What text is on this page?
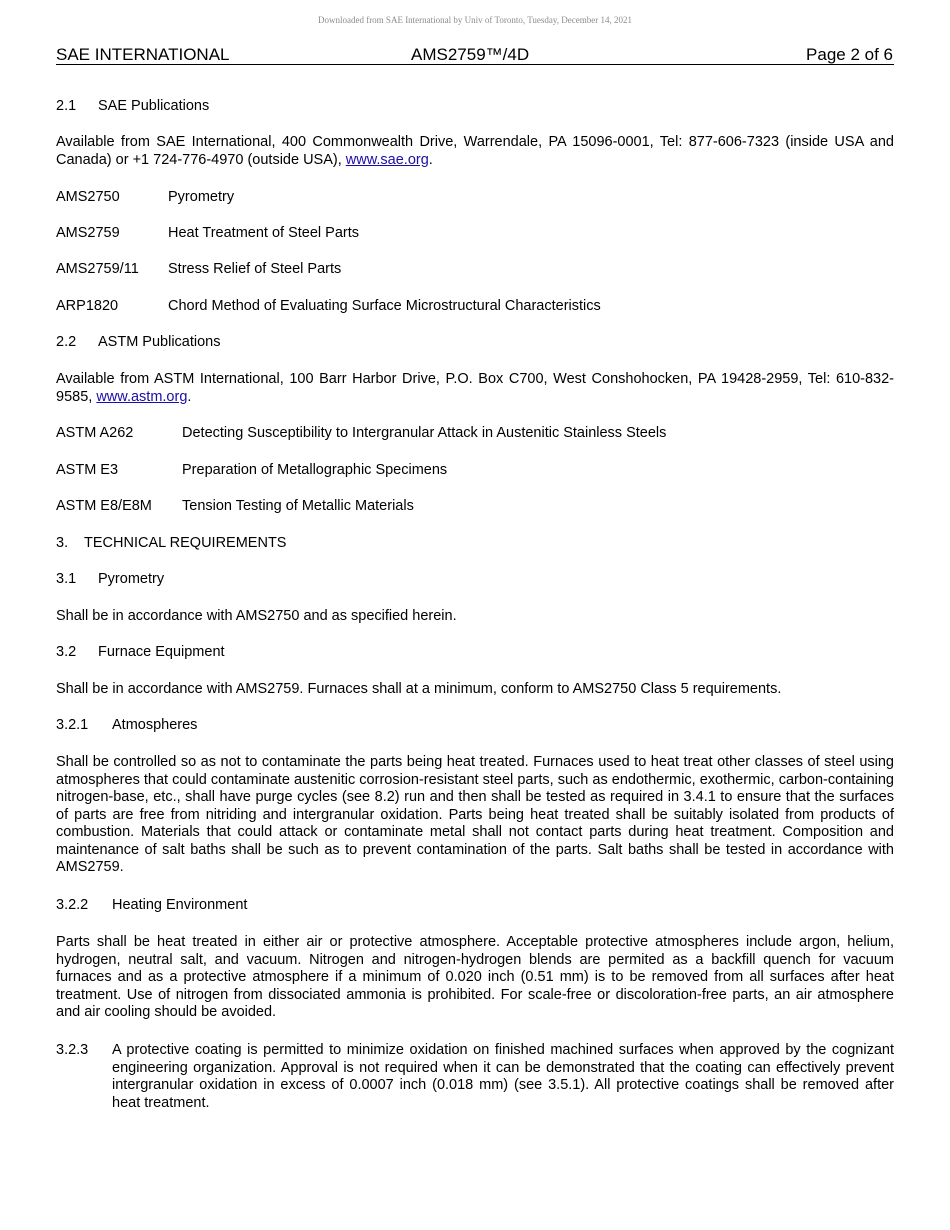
Downloaded from SAE International by Univ of Toronto, Tuesday, December 14, 2021
SAE INTERNATIONAL	AMS2759™/4D	Page 2 of 6
2.1 SAE Publications
Available from SAE International, 400 Commonwealth Drive, Warrendale, PA 15096-0001, Tel: 877-606-7323 (inside USA and Canada) or +1 724-776-4970 (outside USA), www.sae.org.
AMS2750	Pyrometry
AMS2759	Heat Treatment of Steel Parts
AMS2759/11 Stress Relief of Steel Parts
ARP1820	Chord Method of Evaluating Surface Microstructural Characteristics
2.2 ASTM Publications
Available from ASTM International, 100 Barr Harbor Drive, P.O. Box C700, West Conshohocken, PA 19428-2959, Tel: 610-832-9585, www.astm.org.
ASTM A262	Detecting Susceptibility to Intergranular Attack in Austenitic Stainless Steels
ASTM E3	Preparation of Metallographic Specimens
ASTM E8/E8M Tension Testing of Metallic Materials
3. TECHNICAL REQUIREMENTS
3.1 Pyrometry
Shall be in accordance with AMS2750 and as specified herein.
3.2 Furnace Equipment
Shall be in accordance with AMS2759. Furnaces shall at a minimum, conform to AMS2750 Class 5 requirements.
3.2.1 Atmospheres
Shall be controlled so as not to contaminate the parts being heat treated. Furnaces used to heat treat other classes of steel using atmospheres that could contaminate austenitic corrosion-resistant steel parts, such as endothermic, exothermic, carbon-containing nitrogen-base, etc., shall have purge cycles (see 8.2) run and then shall be tested as required in 3.4.1 to ensure that the surfaces of parts are free from nitriding and intergranular oxidation. Parts being heat treated shall be suitably isolated from products of combustion. Materials that could attack or contaminate metal shall not contact parts during heat treatment. Composition and maintenance of salt baths shall be such as to prevent contamination of the parts. Salt baths shall be tested in accordance with AMS2759.
3.2.2 Heating Environment
Parts shall be heat treated in either air or protective atmosphere. Acceptable protective atmospheres include argon, helium, hydrogen, neutral salt, and vacuum. Nitrogen and nitrogen-hydrogen blends are permited as a backfill quench for vacuum furnaces and as a protective atmosphere if a minimum of 0.020 inch (0.51 mm) is to be removed from all surfaces after heat treatment. Use of nitrogen from dissociated ammonia is prohibited. For scale-free or discoloration-free parts, an air atmosphere and air cooling should be avoided.
3.2.3 A protective coating is permitted to minimize oxidation on finished machined surfaces when approved by the cognizant engineering organization. Approval is not required when it can be demonstrated that the coating can effectively prevent intergranular oxidation in excess of 0.0007 inch (0.018 mm) (see 3.5.1). All protective coatings shall be removed after heat treatment.
